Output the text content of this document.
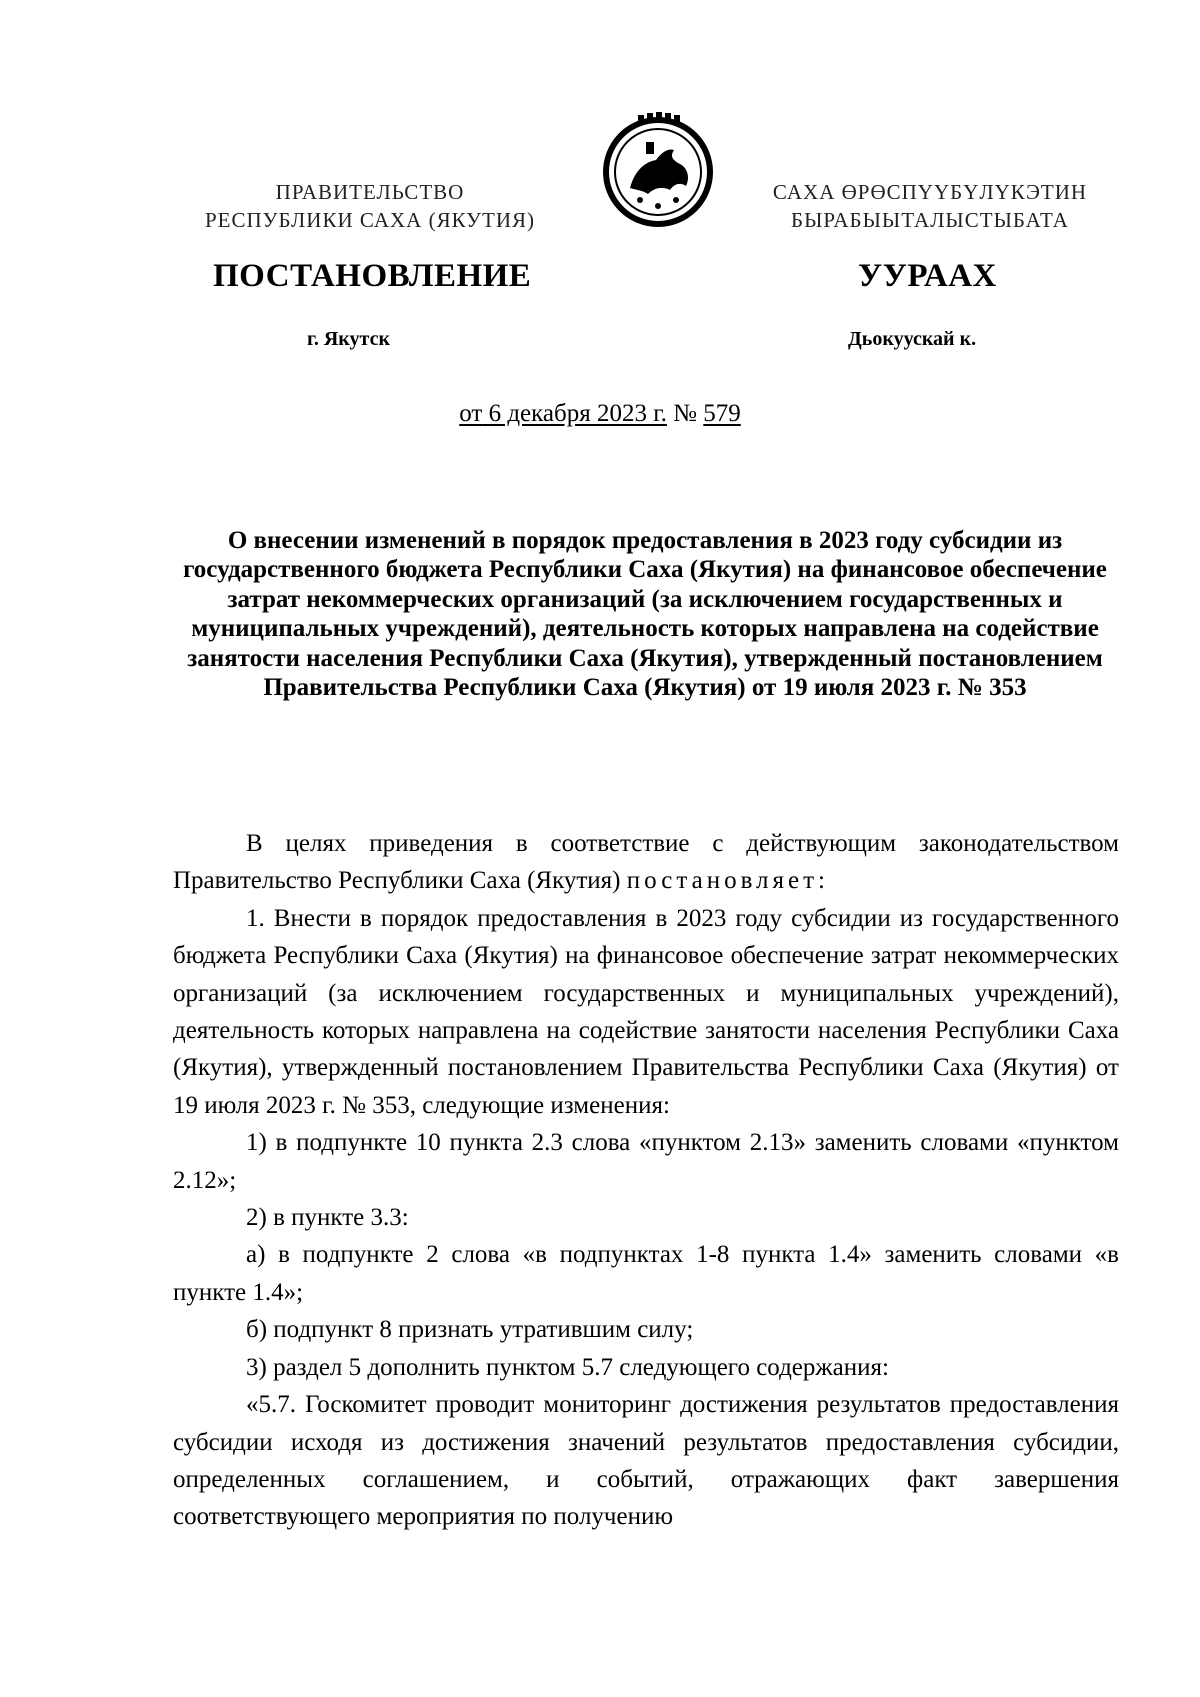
ПРАВИТЕЛЬСТВО
РЕСПУБЛИКИ САХА (ЯКУТИЯ)
САХА ӨРӨСПҮҮБҮЛҮКЭТИН
БЫРАБЫЫТАЛЫСТЫБАТА
ПОСТАНОВЛЕНИЕ	УУРААХ
г. Якутск	Дьокуускай к.
от 6 декабря 2023 г. № 579
О внесении изменений в порядок предоставления в 2023 году субсидии из государственного бюджета Республики Саха (Якутия) на финансовое обеспечение затрат некоммерческих организаций (за исключением государственных и муниципальных учреждений), деятельность которых направлена на содействие занятости населения Республики Саха (Якутия), утвержденный постановлением Правительства Республики Саха (Якутия) от 19 июля 2023 г. № 353

В целях приведения в соответствие с действующим законодательством Правительство Республики Саха (Якутия) постановляет:

1. Внести в порядок предоставления в 2023 году субсидии из государственного бюджета Республики Саха (Якутия) на финансовое обеспечение затрат некоммерческих организаций (за исключением государственных и муниципальных учреждений), деятельность которых направлена на содействие занятости населения Республики Саха (Якутия), утвержденный постановлением Правительства Республики Саха (Якутия) от 19 июля 2023 г. № 353, следующие изменения:

1) в подпункте 10 пункта 2.3 слова «пунктом 2.13» заменить словами «пунктом 2.12»;

2) в пункте 3.3:

а) в подпункте 2 слова «в подпунктах 1-8 пункта 1.4» заменить словами «в пункте 1.4»;

б) подпункт 8 признать утратившим силу;

3) раздел 5 дополнить пунктом 5.7 следующего содержания:

«5.7. Госкомитет проводит мониторинг достижения результатов предоставления субсидии исходя из достижения значений результатов предоставления субсидии, определенных соглашением, и событий, отражающих факт завершения соответствующего мероприятия по получению
